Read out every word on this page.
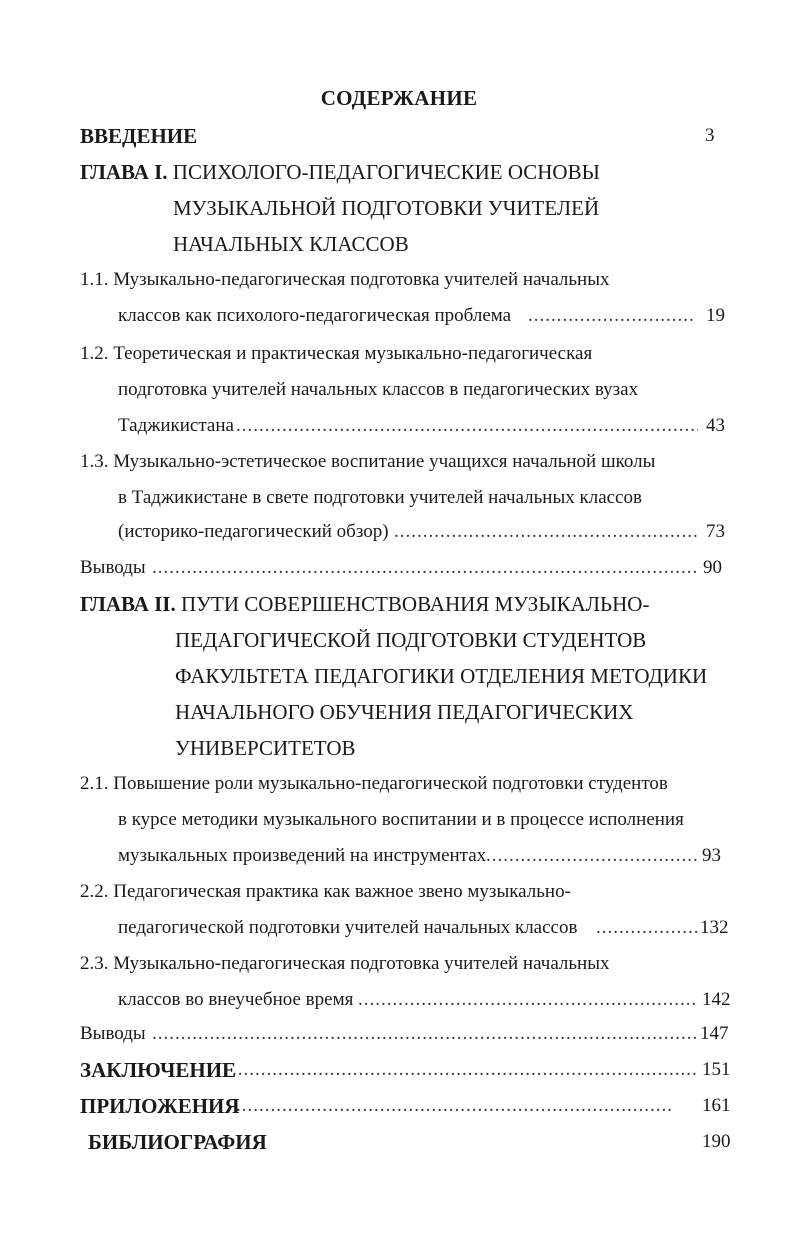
СОДЕРЖАНИЕ
ВВЕДЕНИЕ	3
ГЛАВА I. ПСИХОЛОГО-ПЕДАГОГИЧЕСКИЕ ОСНОВЫ
МУЗЫКАЛЬНОЙ ПОДГОТОВКИ УЧИТЕЛЕЙ
НАЧАЛЬНЫХ КЛАССОВ
1.1. Музыкально-педагогическая подготовка учителей начальных
классов как психолого-педагогическая проблема .....	19
1.2. Теоретическая и практическая музыкально-педагогическая
подготовка учителей начальных классов в педагогических вузах
Таджикистана .....	43
1.3. Музыкально-эстетическое воспитание учащихся начальной школы
в Таджикистане в свете подготовки учителей начальных классов
(историко-педагогический обзор) .....	73
Выводы .....	90
ГЛАВА II. ПУТИ СОВЕРШЕНСТВОВАНИЯ МУЗЫКАЛЬНО-
ПЕДАГОГИЧЕСКОЙ ПОДГОТОВКИ СТУДЕНТОВ
ФАКУЛЬТЕТА ПЕДАГОГИКИ ОТДЕЛЕНИЯ МЕТОДИКИ
НАЧАЛЬНОГО ОБУЧЕНИЯ ПЕДАГОГИЧЕСКИХ
УНИВЕРСИТЕТОВ
2.1. Повышение роли музыкально-педагогической подготовки студентов
в курсе методики музыкального воспитании и в процессе исполнения
музыкальных произведений на инструментах .....	93
2.2. Педагогическая практика как важное звено музыкально-
педагогической подготовки учителей начальных классов .....	132
2.3. Музыкально-педагогическая подготовка учителей начальных
классов во внеучебное время .....	142
Выводы .....	147
ЗАКЛЮЧЕНИЕ .....	151
ПРИЛОЖЕНИЯ .....	161
БИБЛИОГРАФИЯ	190
